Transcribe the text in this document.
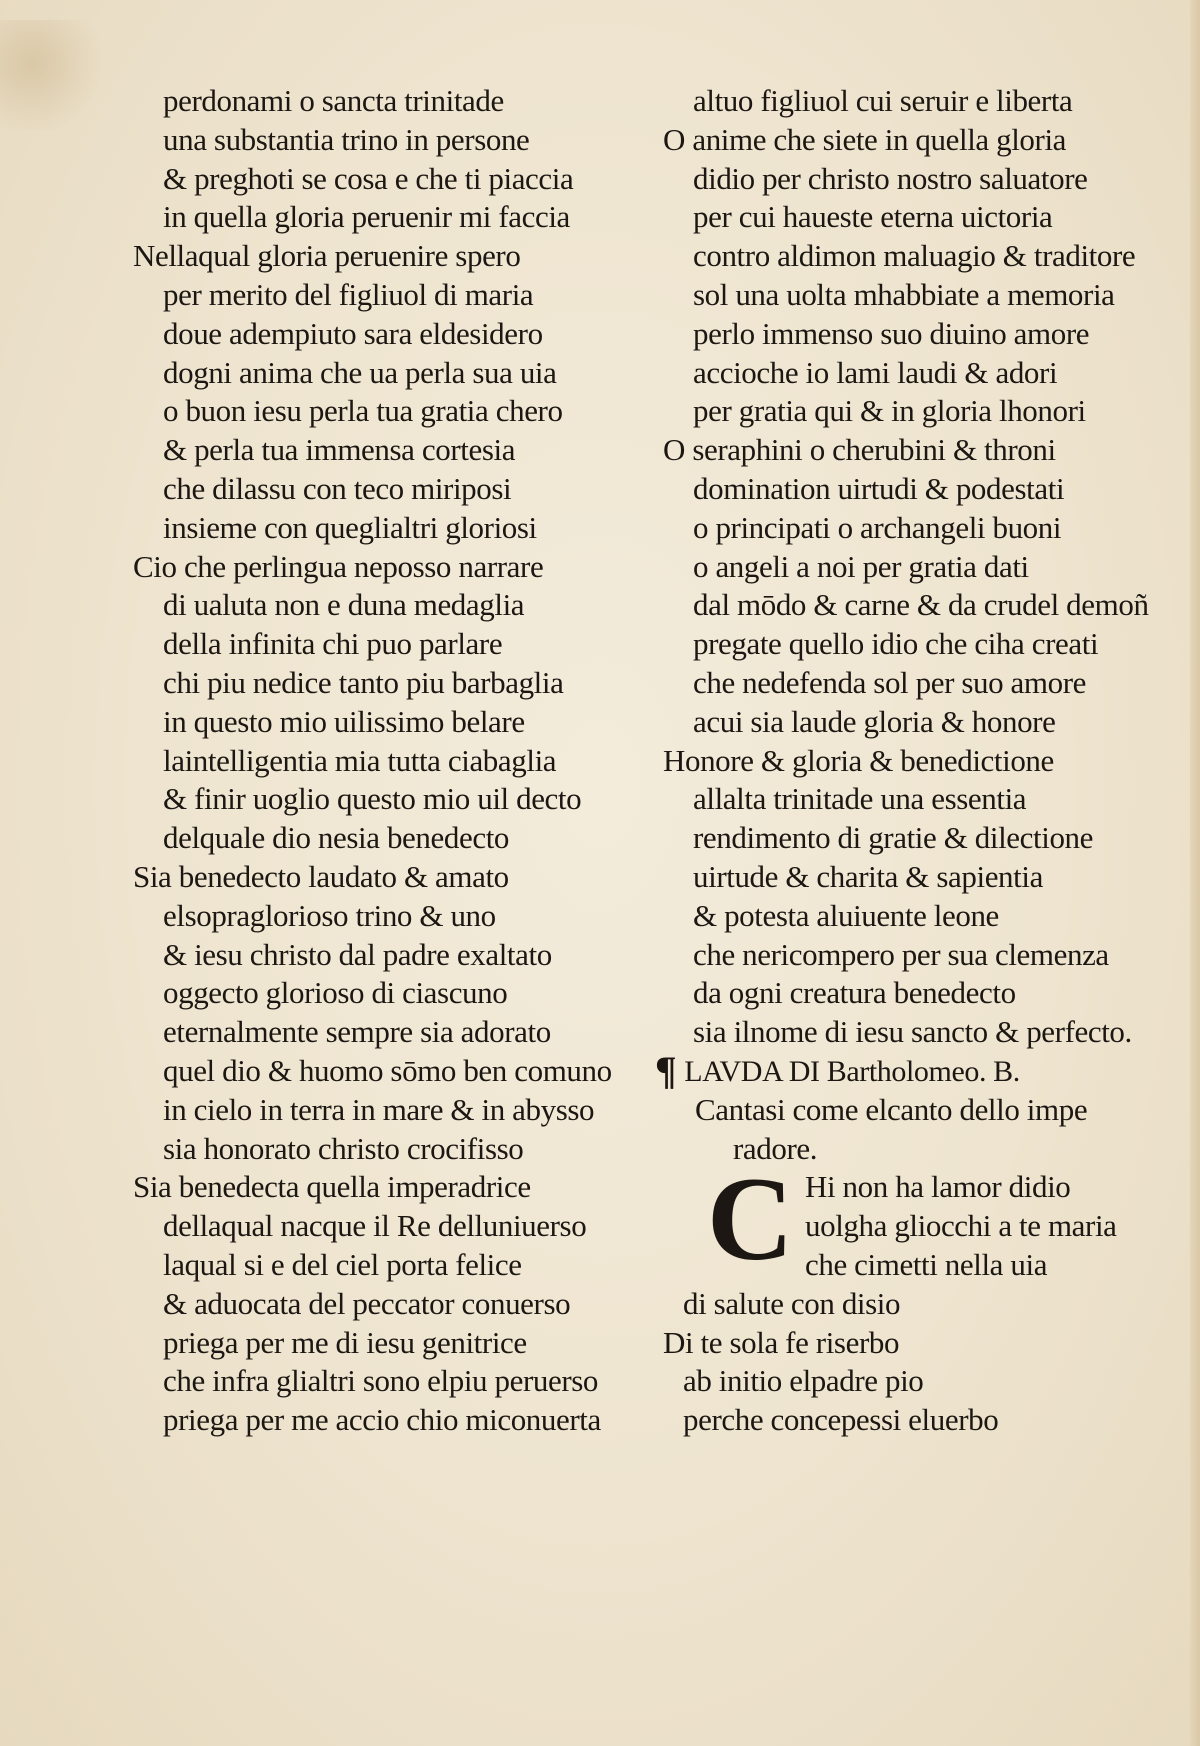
perdonami o sancta trinitade
una substantia trino in persone
& preghoti se cosa e che ti piaccia
in quella gloria peruenir mi faccia
Nellaqual gloria peruenire spero
per merito del figliuol di maria
doue adempiuto sara eldesidero
dogni anima che ua perla sua uia
o buon iesu perla tua gratia chero
& perla tua immensa cortesia
che dilassu con teco miriposi
insieme con queglialtri gloriosi
Cio che perlingua neposso narrare
di ualuta non e duna medaglia
della infinita chi puo parlare
chi piu nedice tanto piu barbaglia
in questo mio uilissimo belare
laintelligentia mia tutta ciabaglia
& finir uoglio questo mio uil decto
delquale dio nesia benedecto
Sia benedecto laudato & amato
elsopraglorioso trino & uno
& iesu christo dal padre exaltato
oggecto glorioso di ciascuno
eternalmente sempre sia adorato
quel dio & huomo sōmo ben comuno
in cielo in terra in mare & in abysso
sia honorato christo crocifisso
Sia benedecta quella imperadrice
dellaqual nacque il Re delluniuerso
laqual si e del ciel porta felice
& aduocata del peccator conuerso
priega per me di iesu genitrice
che infra glialtri sono elpiu peruerso
priega per me accio chio miconuerta
altuo figliuol cui seruir e liberta
O anime che siete in quella gloria
didio per christo nostro saluatore
per cui haueste eterna uictoria
contro aldimon maluagio & traditore
sol una uolta mhabbiate a memoria
perlo immenso suo diuino amore
acciochе io lami laudi & adori
per gratia qui & in gloria lhonori
O seraphini o cherubini & throni
domination uirtudi & podestati
o principati o archangeli buoni
o angeli a noi per gratia dati
dal mōdo & carne & da crudel demoñ
pregate quello idio che ciha creati
che nedefenda sol per suo amore
acui sia laude gloria & honore
Honore & gloria & benedictione
allalta trinitade una essentia
rendimento di gratie & dilectione
uirtude & charita & sapientia
& potesta aluiuente leone
che nericompero per sua clemenza
da ogni creatura benedecto
sia ilnome di iesu sancto & perfecto.
¶ LAVDA DI Bartholomeo. B.
Cantasi come elcanto dello impe
radore.
Hi non ha lamor didio
uolgha gliocchi a te maria
che cimetti nella uia
di salute con disio
Di te sola fe riserbo
ab initio elpadre pio
perche concepessi eluerbo
C
